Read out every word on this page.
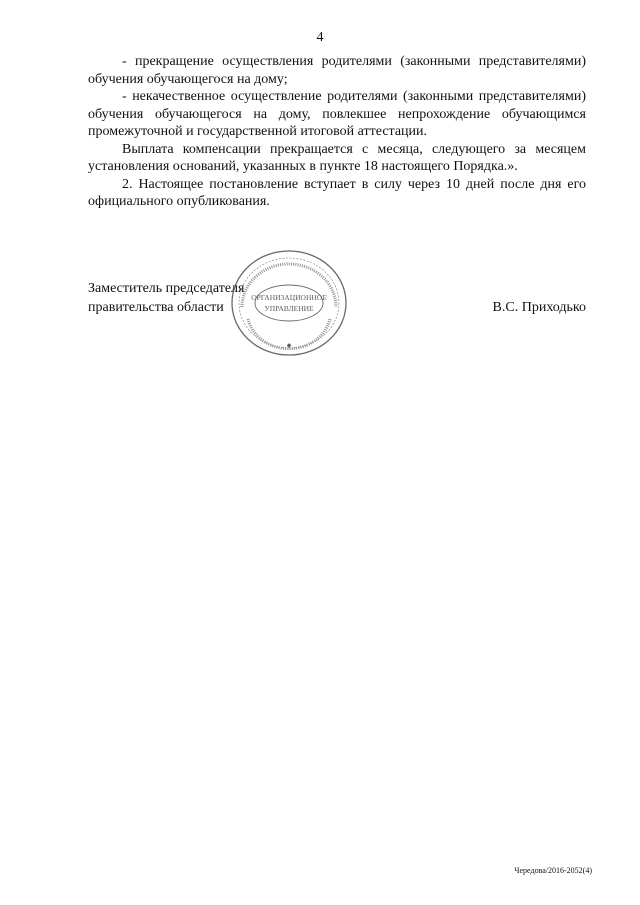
4

- прекращение осуществления родителями (законными представителями) обучения обучающегося на дому;

- некачественное осуществление родителями (законными представителями) обучения обучающегося на дому, повлекшее непрохождение обучающимся промежуточной и государственной итоговой аттестации.

Выплата компенсации прекращается с месяца, следующего за месяцем установления оснований, указанных в пункте 18 настоящего Порядка.».

2. Настоящее постановление вступает в силу через 10 дней после дня его официального опубликования.

Заместитель председателя
правительства области	В.С. Приходько
ОРГАНИЗАЦИОННОЕ
УПРАВЛЕНИЕ
◆
Чередова/2016-2052(4)
